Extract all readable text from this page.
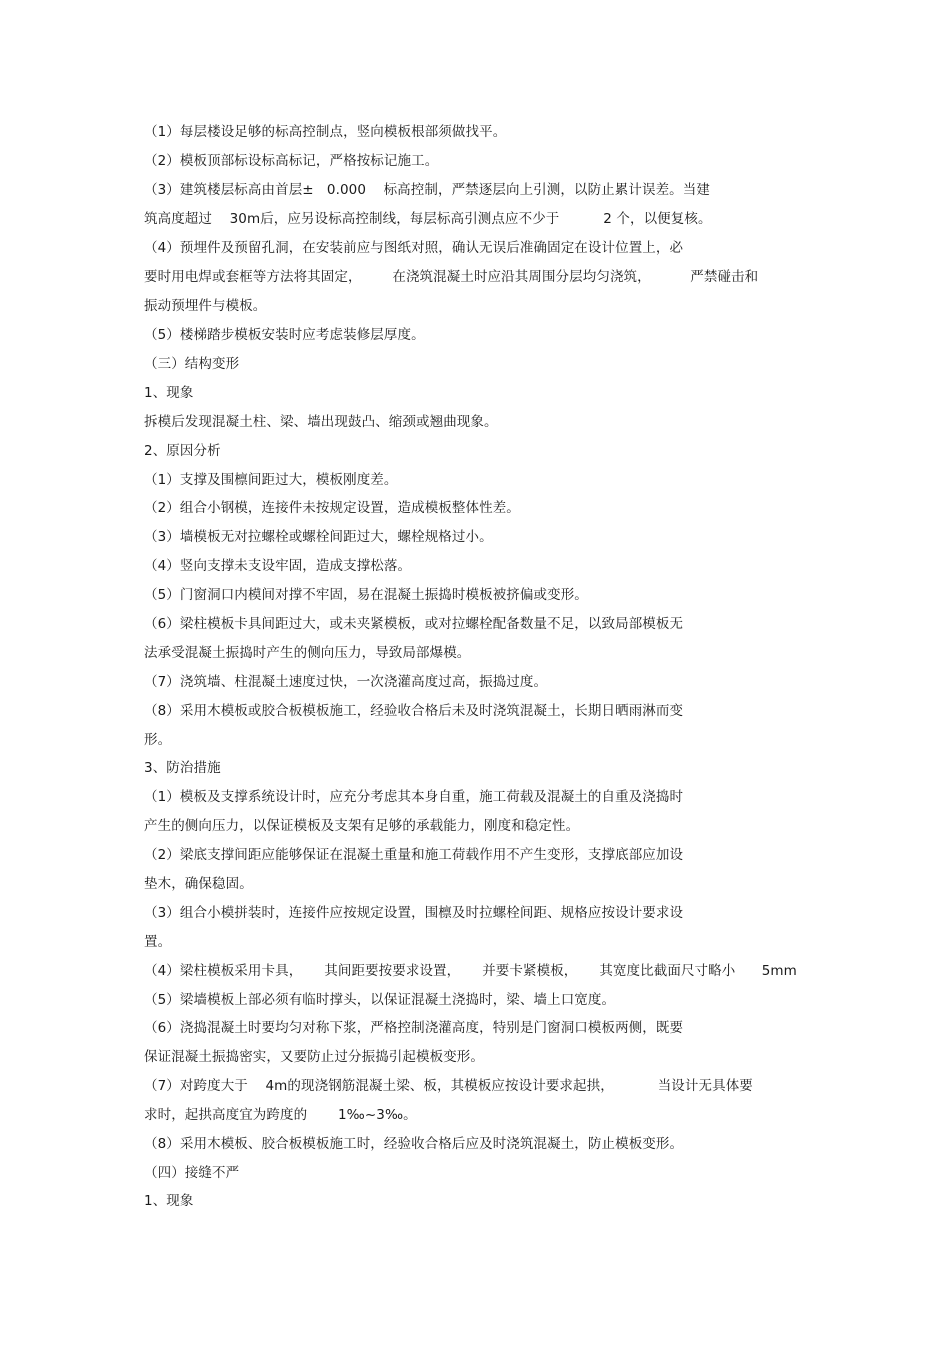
（1）每层楼设足够的标高控制点，竖向模板根部须做找平。
（2）模板顶部标设标高标记，严格按标记施工。
（3）建筑楼层标高由首层±   0.000    标高控制，严禁逐层向上引测，以防止累计误差。当建
筑高度超过    30m后，应另设标高控制线，每层标高引测点应不少于          2 个，以便复核。
（4）预埋件及预留孔洞，在安装前应与图纸对照，确认无误后准确固定在设计位置上，必
要时用电焊或套框等方法将其固定，       在浇筑混凝土时应沿其周围分层均匀浇筑，         严禁碰击和
振动预埋件与模板。
（5）楼梯踏步模板安装时应考虑装修层厚度。
（三）结构变形
1、现象
拆模后发现混凝土柱、梁、墙出现鼓凸、缩颈或翘曲现象。
2、原因分析
（1）支撑及围檩间距过大，模板刚度差。
（2）组合小钢模，连接件未按规定设置，造成模板整体性差。
（3）墙模板无对拉螺栓或螺栓间距过大，螺栓规格过小。
（4）竖向支撑未支设牢固，造成支撑松落。
（5）门窗洞口内模间对撑不牢固，易在混凝土振捣时模板被挤偏或变形。
（6）梁柱模板卡具间距过大，或未夹紧模板，或对拉螺栓配备数量不足，以致局部模板无
法承受混凝土振捣时产生的侧向压力，导致局部爆模。
（7）浇筑墙、柱混凝土速度过快，一次浇灌高度过高，振捣过度。
（8）采用木模板或胶合板模板施工，经验收合格后未及时浇筑混凝土，长期日晒雨淋而变
形。
3、防治措施
（1）模板及支撑系统设计时，应充分考虑其本身自重，施工荷载及混凝土的自重及浇捣时
产生的侧向压力，以保证模板及支架有足够的承载能力，刚度和稳定性。
（2）梁底支撑间距应能够保证在混凝土重量和施工荷载作用不产生变形，支撑底部应加设
垫木，确保稳固。
（3）组合小模拼装时，连接件应按规定设置，围檩及时拉螺栓间距、规格应按设计要求设
置。
（4）梁柱模板采用卡具，     其间距要按要求设置，     并要卡紧模板，     其宽度比截面尺寸略小      5mm
（5）梁墙模板上部必须有临时撑头，以保证混凝土浇捣时，梁、墙上口宽度。
（6）浇捣混凝土时要均匀对称下浆，严格控制浇灌高度，特别是门窗洞口模板两侧，既要
保证混凝土振捣密实，又要防止过分振捣引起模板变形。
（7）对跨度大于    4m的现浇钢筋混凝土梁、板，其模板应按设计要求起拱，          当设计无具体要
求时，起拱高度宜为跨度的       1‰~3‰。
（8）采用木模板、胶合板模板施工时，经验收合格后应及时浇筑混凝土，防止模板变形。
（四）接缝不严
1、现象
